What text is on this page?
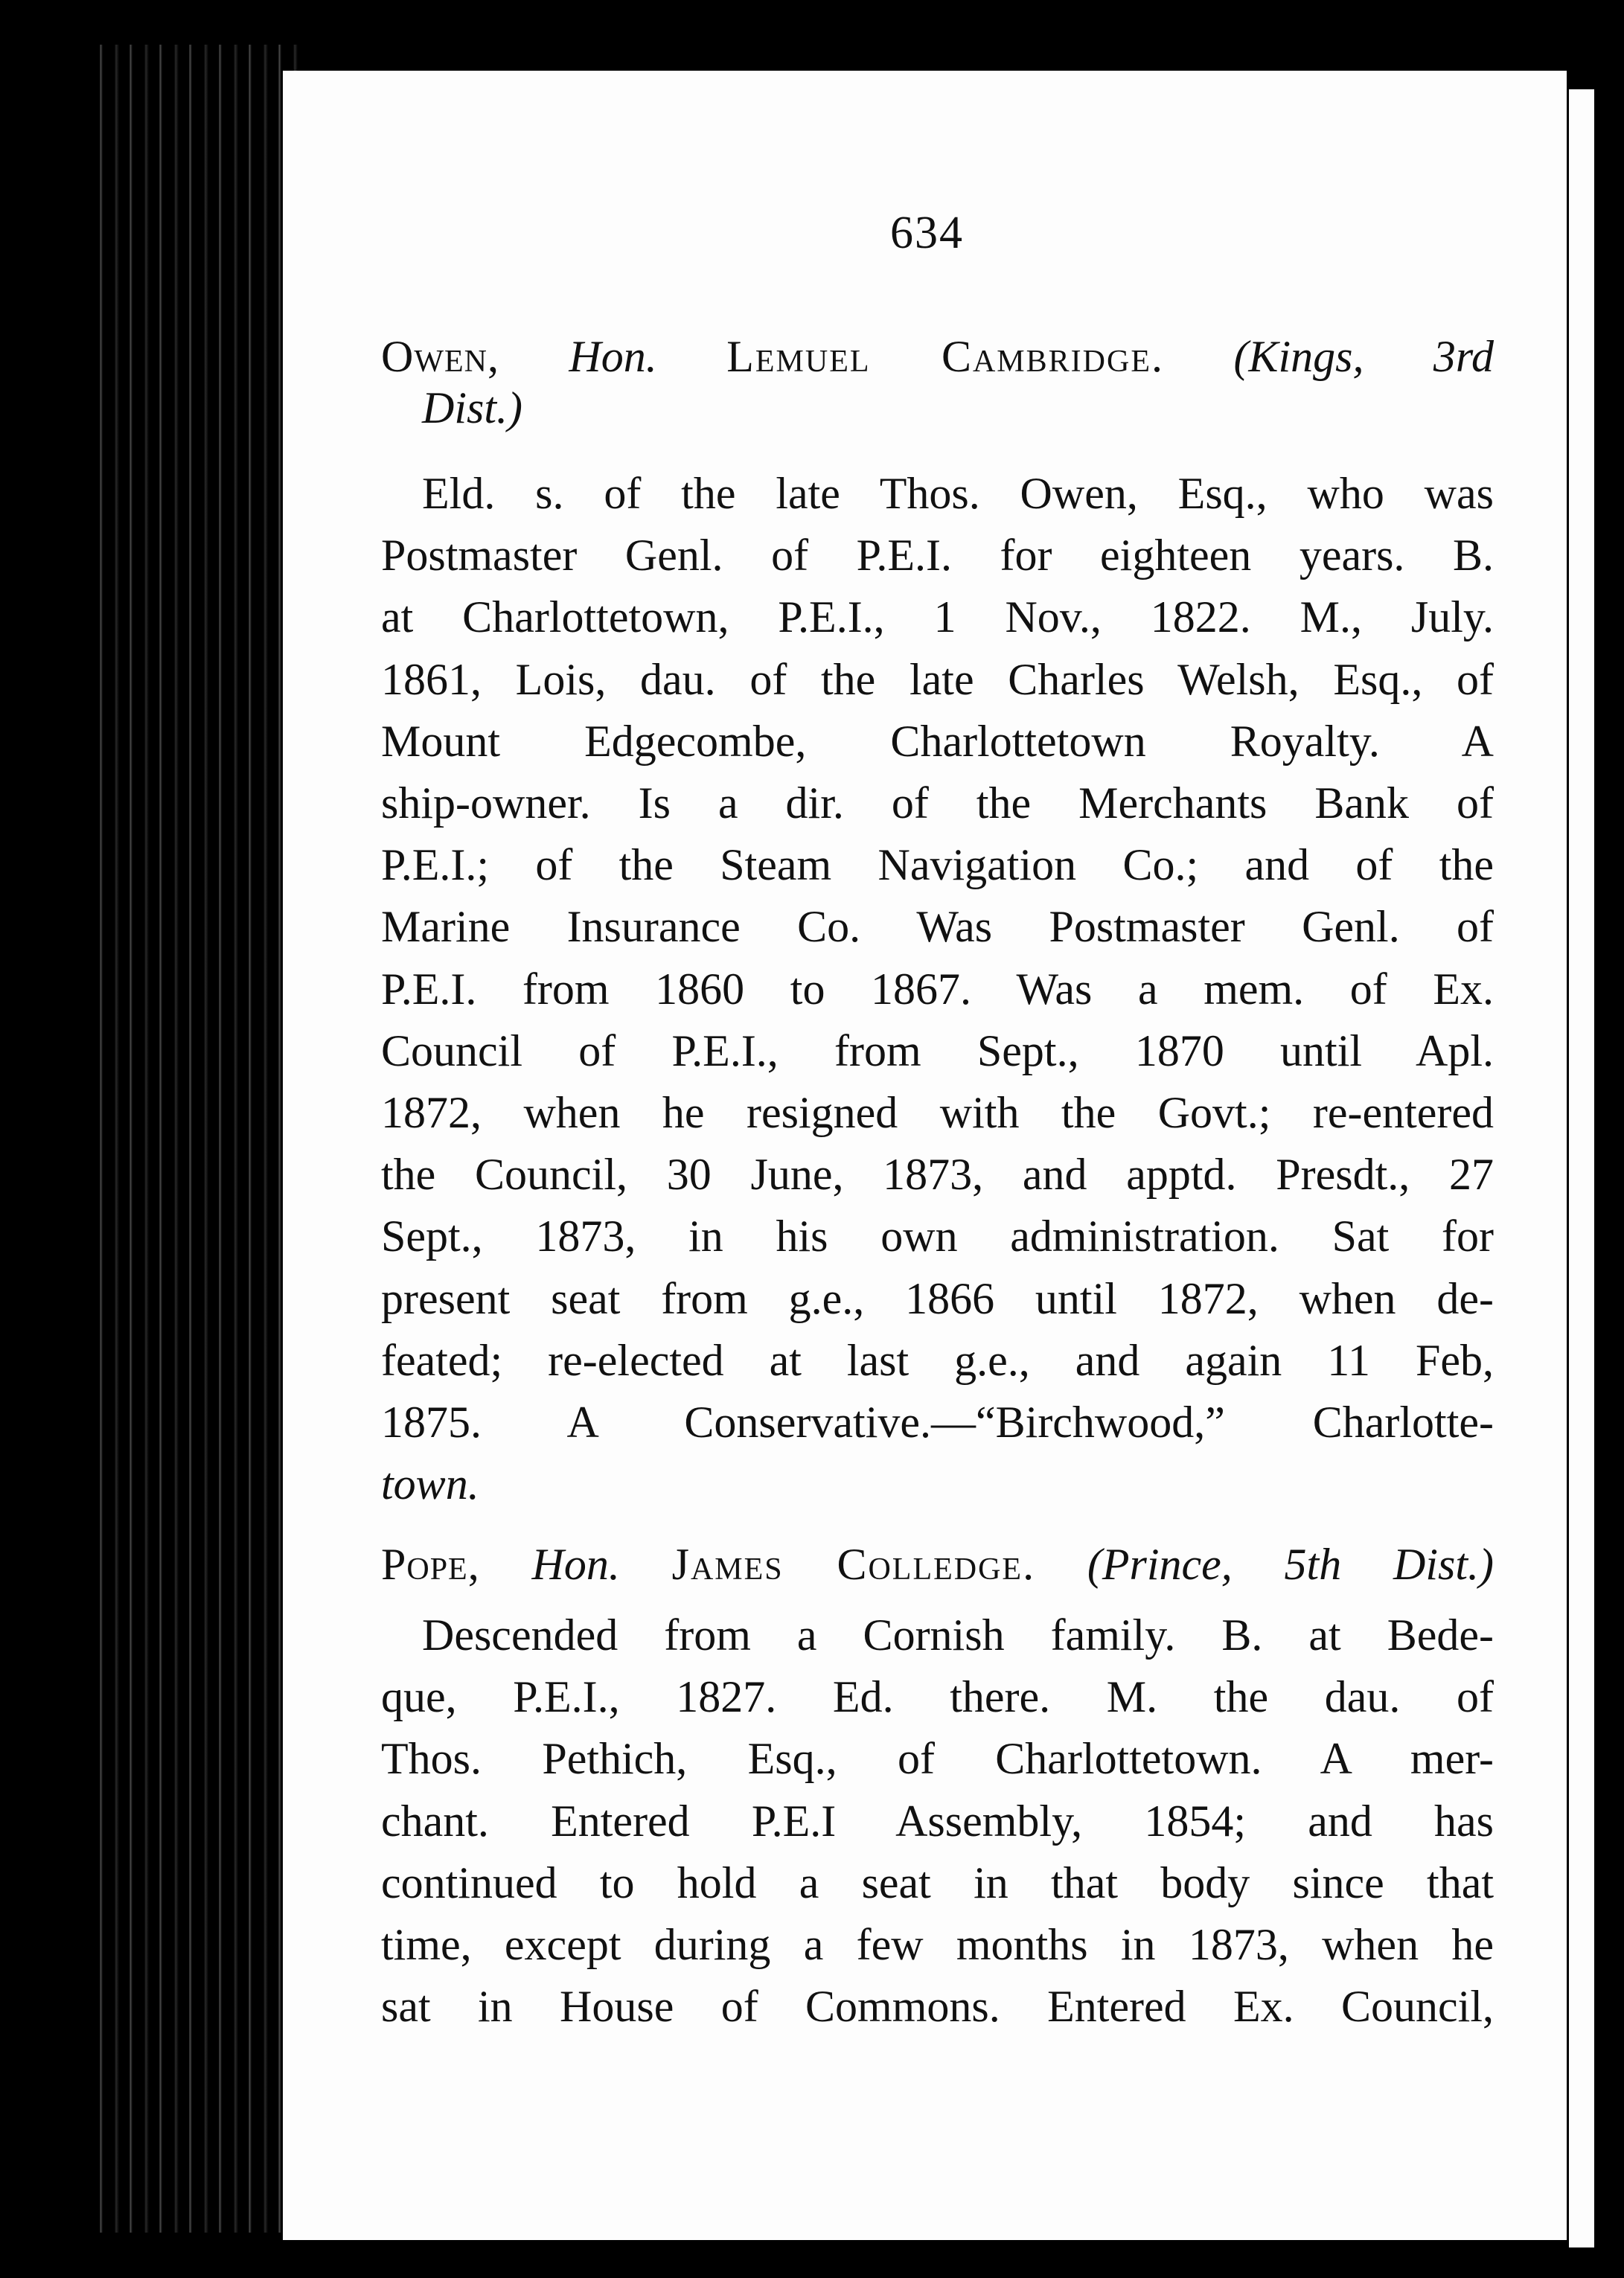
634
Owen, Hon. Lemuel Cambridge. (Kings, 3rd
Dist.)
Eld. s. of the late Thos. Owen, Esq., who was
Postmaster Genl. of P.E.I. for eighteen years. B.
at Charlottetown, P.E.I., 1 Nov., 1822. M., July.
1861, Lois, dau. of the late Charles Welsh, Esq., of
Mount Edgecombe, Charlottetown Royalty. A
ship-owner. Is a dir. of the Merchants Bank of
P.E.I.; of the Steam Navigation Co.; and of the
Marine Insurance Co. Was Postmaster Genl. of
P.E.I. from 1860 to 1867. Was a mem. of Ex.
Council of P.E.I., from Sept., 1870 until Apl.
1872, when he resigned with the Govt.; re-entered
the Council, 30 June, 1873, and apptd. Presdt., 27
Sept., 1873, in his own administration. Sat for
present seat from g.e., 1866 until 1872, when de-
feated; re-elected at last g.e., and again 11 Feb,
1875. A Conservative.—“Birchwood,” Charlotte-
town.
Pope, Hon. James Colledge. (Prince, 5th Dist.)
Descended from a Cornish family. B. at Bede-
que, P.E.I., 1827. Ed. there. M. the dau. of
Thos. Pethich, Esq., of Charlottetown. A mer-
chant. Entered P.E.I Assembly, 1854; and has
continued to hold a seat in that body since that
time, except during a few months in 1873, when he
sat in House of Commons. Entered Ex. Council,
